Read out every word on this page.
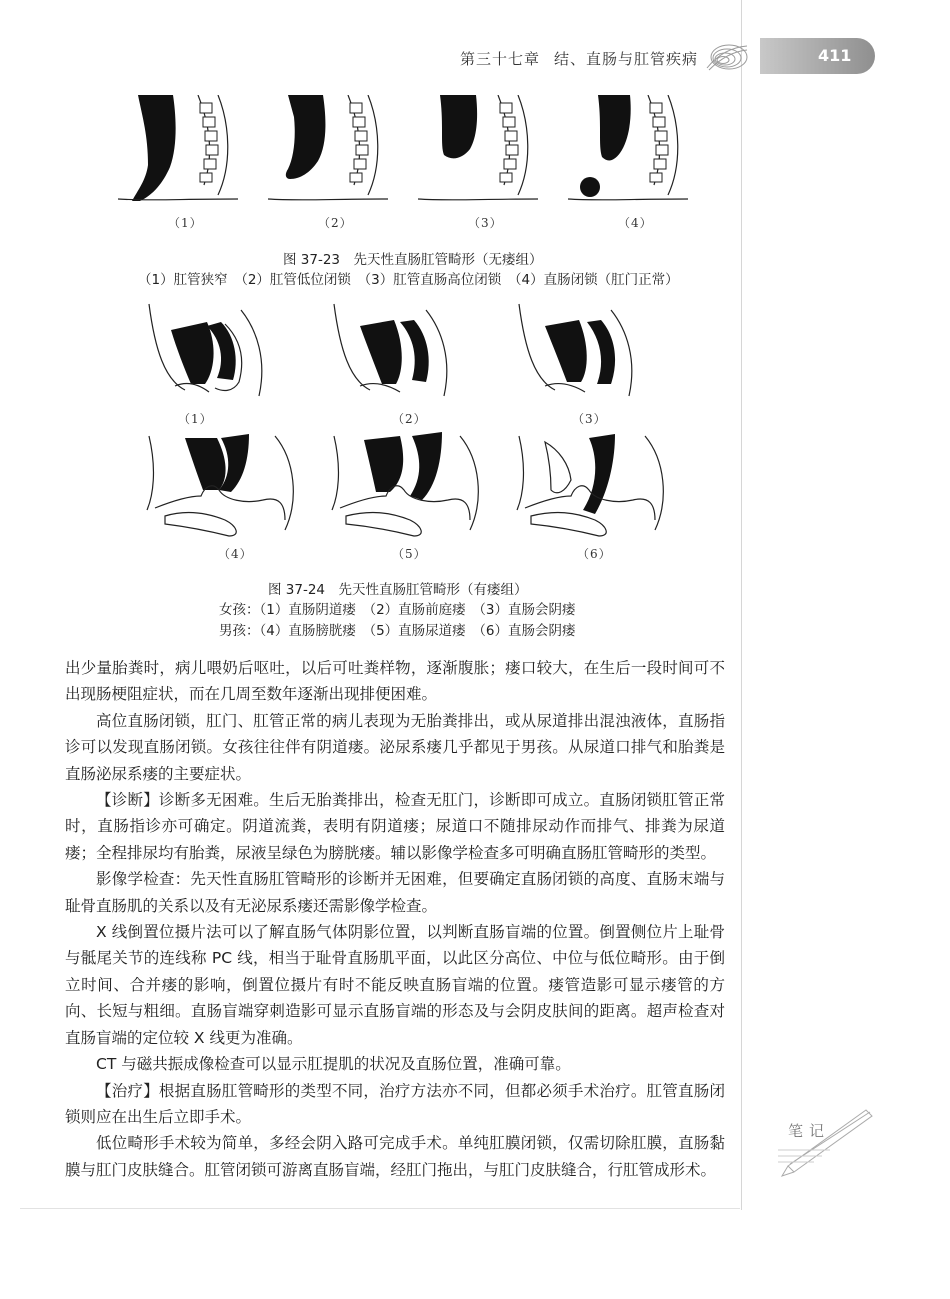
第三十七章 结、直肠与肛管疾病	411
（1）	（2）	（3）	（4）
图 37-23　先天性直肠肛管畸形（无瘘组）
（1）肛管狭窄　（2）肛管低位闭锁　（3）肛管直肠高位闭锁　（4）直肠闭锁（肛门正常）
（1）	（2）	（3）
（4）	（5）	（6）
图 37-24　先天性直肠肛管畸形（有瘘组）
女孩：（1）直肠阴道瘘　（2）直肠前庭瘘　（3）直肠会阴瘘
男孩：（4）直肠膀胱瘘　（5）直肠尿道瘘　（6）直肠会阴瘘

出少量胎粪时，病儿喂奶后呕吐，以后可吐粪样物，逐渐腹胀；瘘口较大，在生后一段时间可不出现肠梗阻症状，而在几周至数年逐渐出现排便困难。

高位直肠闭锁，肛门、肛管正常的病儿表现为无胎粪排出，或从尿道排出混浊液体，直肠指诊可以发现直肠闭锁。女孩往往伴有阴道瘘。泌尿系瘘几乎都见于男孩。从尿道口排气和胎粪是直肠泌尿系瘘的主要症状。

【诊断】诊断多无困难。生后无胎粪排出，检查无肛门，诊断即可成立。直肠闭锁肛管正常时，直肠指诊亦可确定。阴道流粪，表明有阴道瘘；尿道口不随排尿动作而排气、排粪为尿道瘘；全程排尿均有胎粪，尿液呈绿色为膀胱瘘。辅以影像学检查多可明确直肠肛管畸形的类型。

影像学检查：先天性直肠肛管畸形的诊断并无困难，但要确定直肠闭锁的高度、直肠末端与耻骨直肠肌的关系以及有无泌尿系瘘还需影像学检查。

X 线倒置位摄片法可以了解直肠气体阴影位置，以判断直肠盲端的位置。倒置侧位片上耻骨与骶尾关节的连线称 PC 线，相当于耻骨直肠肌平面，以此区分高位、中位与低位畸形。由于倒立时间、合并瘘的影响，倒置位摄片有时不能反映直肠盲端的位置。瘘管造影可显示瘘管的方向、长短与粗细。直肠盲端穿刺造影可显示直肠盲端的形态及与会阴皮肤间的距离。超声检查对直肠盲端的定位较 X 线更为准确。

CT 与磁共振成像检查可以显示肛提肌的状况及直肠位置，准确可靠。

【治疗】根据直肠肛管畸形的类型不同，治疗方法亦不同，但都必须手术治疗。肛管直肠闭锁则应在出生后立即手术。

低位畸形手术较为简单，多经会阴入路可完成手术。单纯肛膜闭锁，仅需切除肛膜，直肠黏膜与肛门皮肤缝合。肛管闭锁可游离直肠盲端，经肛门拖出，与肛门皮肤缝合，行肛管成形术。

笔记
